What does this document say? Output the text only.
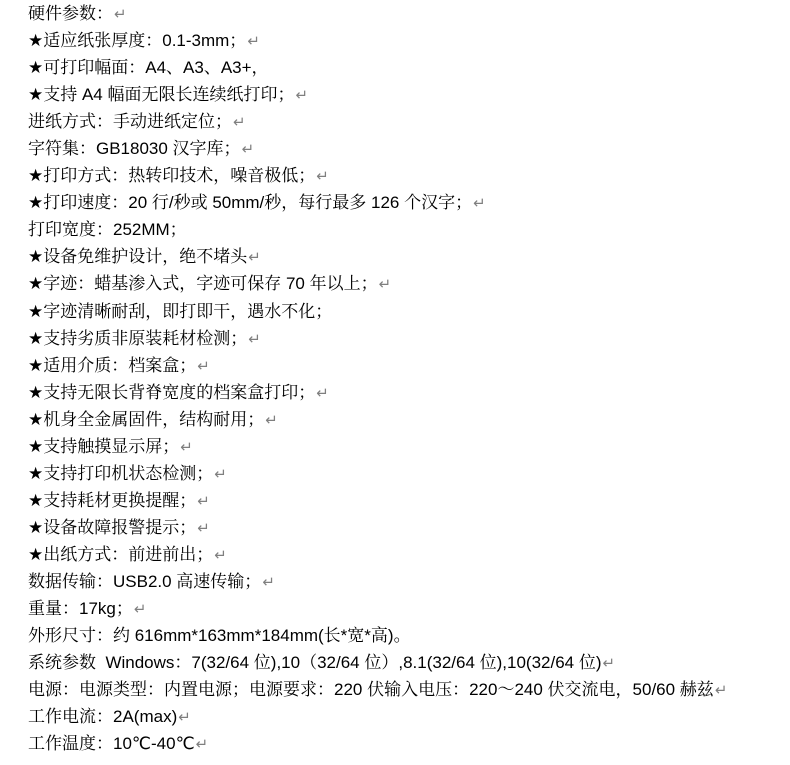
硬件参数：↵
★适应纸张厚度：0.1-3mm；↵
★可打印幅面：A4、A3、A3+，
★支持 A4 幅面无限长连续纸打印；↵
进纸方式：手动进纸定位；↵
字符集：GB18030 汉字库；↵
★打印方式：热转印技术，噪音极低；↵
★打印速度：20 行/秒或 50mm/秒，每行最多 126 个汉字；↵
打印宽度：252MM；
★设备免维护设计，绝不堵头↵
★字迹：蜡基渗入式，字迹可保存 70 年以上；↵
★字迹清晰耐刮，即打即干，遇水不化；
★支持劣质非原装耗材检测；↵
★适用介质：档案盒；↵
★支持无限长背脊宽度的档案盒打印；↵
★机身全金属固件，结构耐用；↵
★支持触摸显示屏；↵
★支持打印机状态检测；↵
★支持耗材更换提醒；↵
★设备故障报警提示；↵
★出纸方式：前进前出；↵
数据传输：USB2.0 高速传输；↵
重量：17kg；↵
外形尺寸：约 616mm*163mm*184mm(长*宽*高)。
系统参数  Windows：7(32/64 位),10（32/64 位）,8.1(32/64 位),10(32/64 位)↵
电源：电源类型：内置电源；电源要求：220 伏输入电压：220～240 伏交流电，50/60 赫兹↵
工作电流：2A(max)↵
工作温度：10℃-40℃↵
